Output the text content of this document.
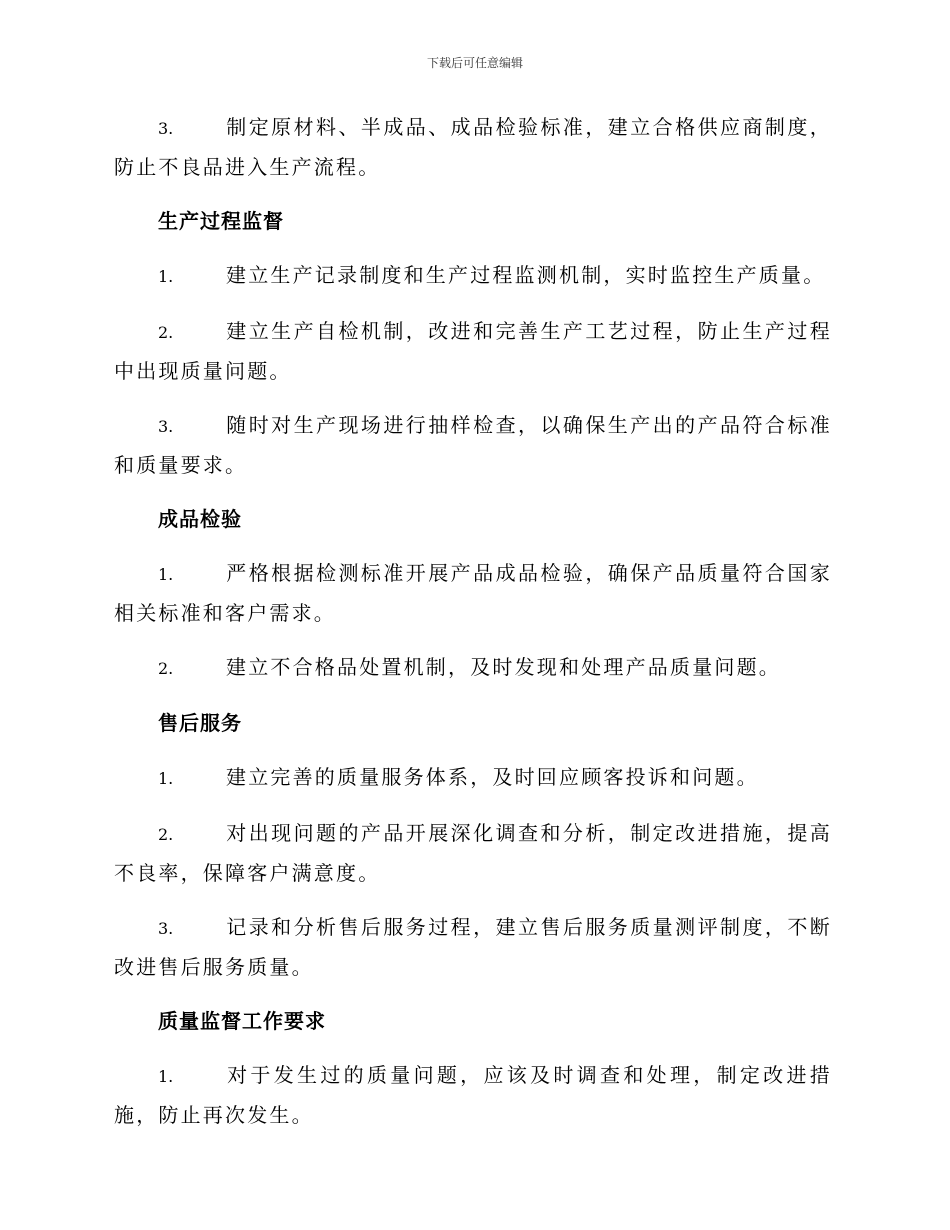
下载后可任意编辑
3.	制定原材料、半成品、成品检验标准，建立合格供应商制度，防止不良品进入生产流程。
生产过程监督
1.	建立生产记录制度和生产过程监测机制，实时监控生产质量。
2.	建立生产自检机制，改进和完善生产工艺过程，防止生产过程中出现质量问题。
3.	随时对生产现场进行抽样检查，以确保生产出的产品符合标准和质量要求。
成品检验
1.	严格根据检测标准开展产品成品检验，确保产品质量符合国家相关标准和客户需求。
2.	建立不合格品处置机制，及时发现和处理产品质量问题。
售后服务
1.	建立完善的质量服务体系，及时回应顾客投诉和问题。
2.	对出现问题的产品开展深化调查和分析，制定改进措施，提高不良率，保障客户满意度。
3.	记录和分析售后服务过程，建立售后服务质量测评制度，不断改进售后服务质量。
质量监督工作要求
1.	对于发生过的质量问题，应该及时调查和处理，制定改进措施，防止再次发生。
